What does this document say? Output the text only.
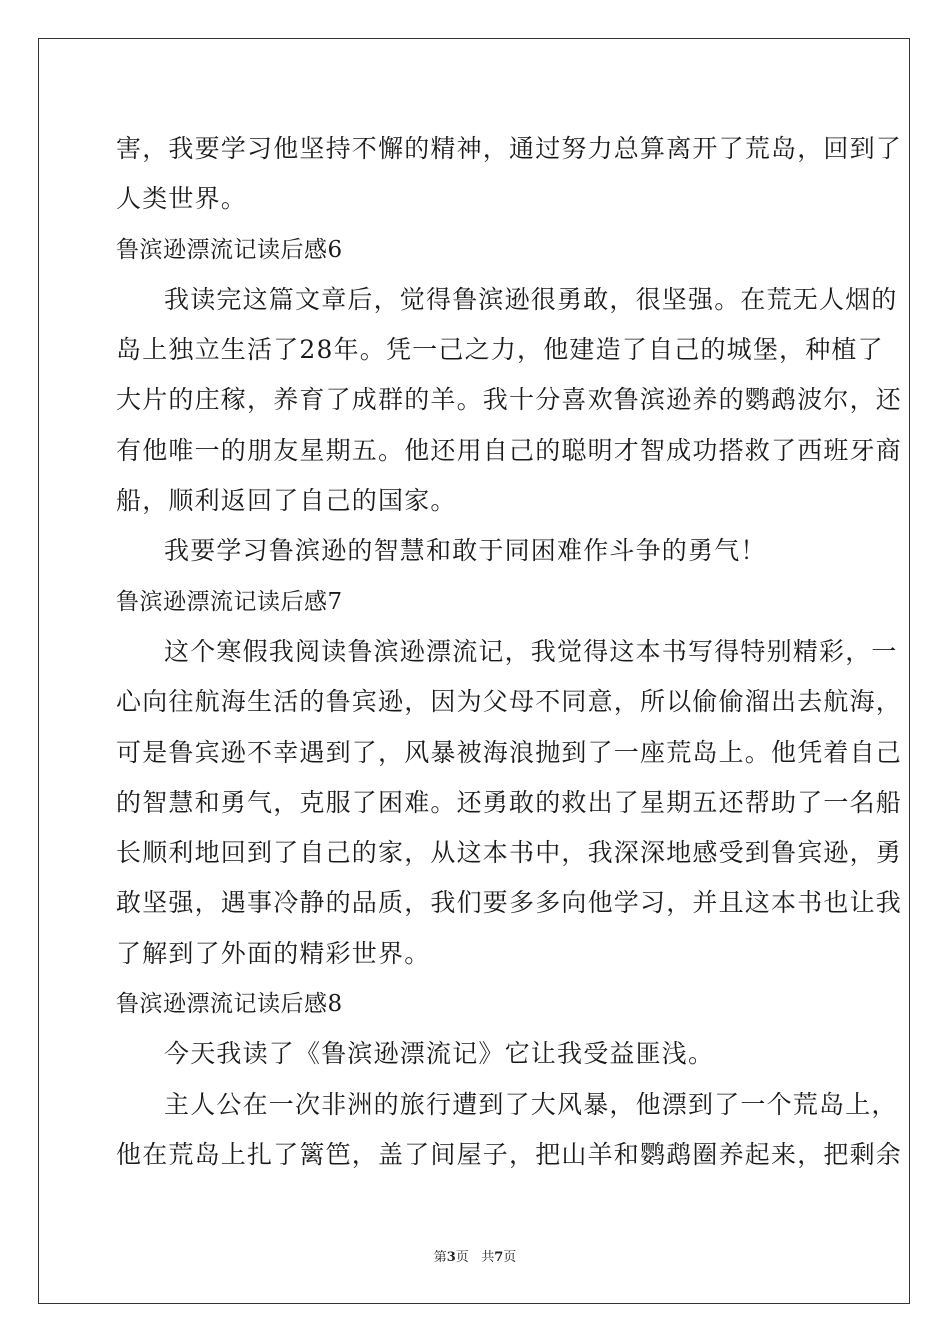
害，我要学习他坚持不懈的精神，通过努力总算离开了荒岛，回到了
人类世界。
鲁滨逊漂流记读后感6
我读完这篇文章后，觉得鲁滨逊很勇敢，很坚强。在荒无人烟的
岛上独立生活了28年。凭一己之力，他建造了自己的城堡，种植了
大片的庄稼，养育了成群的羊。我十分喜欢鲁滨逊养的鹦鹉波尔，还
有他唯一的朋友星期五。他还用自己的聪明才智成功搭救了西班牙商
船，顺利返回了自己的国家。
我要学习鲁滨逊的智慧和敢于同困难作斗争的勇气！
鲁滨逊漂流记读后感7
这个寒假我阅读鲁滨逊漂流记，我觉得这本书写得特别精彩，一
心向往航海生活的鲁宾逊，因为父母不同意，所以偷偷溜出去航海，
可是鲁宾逊不幸遇到了，风暴被海浪抛到了一座荒岛上。他凭着自己
的智慧和勇气，克服了困难。还勇敢的救出了星期五还帮助了一名船
长顺利地回到了自己的家，从这本书中，我深深地感受到鲁宾逊，勇
敢坚强，遇事冷静的品质，我们要多多向他学习，并且这本书也让我
了解到了外面的精彩世界。
鲁滨逊漂流记读后感8
今天我读了《鲁滨逊漂流记》它让我受益匪浅。
主人公在一次非洲的旅行遭到了大风暴，他漂到了一个荒岛上，
他在荒岛上扎了篱笆，盖了间屋子，把山羊和鹦鹉圈养起来，把剩余
第3页   共7页
